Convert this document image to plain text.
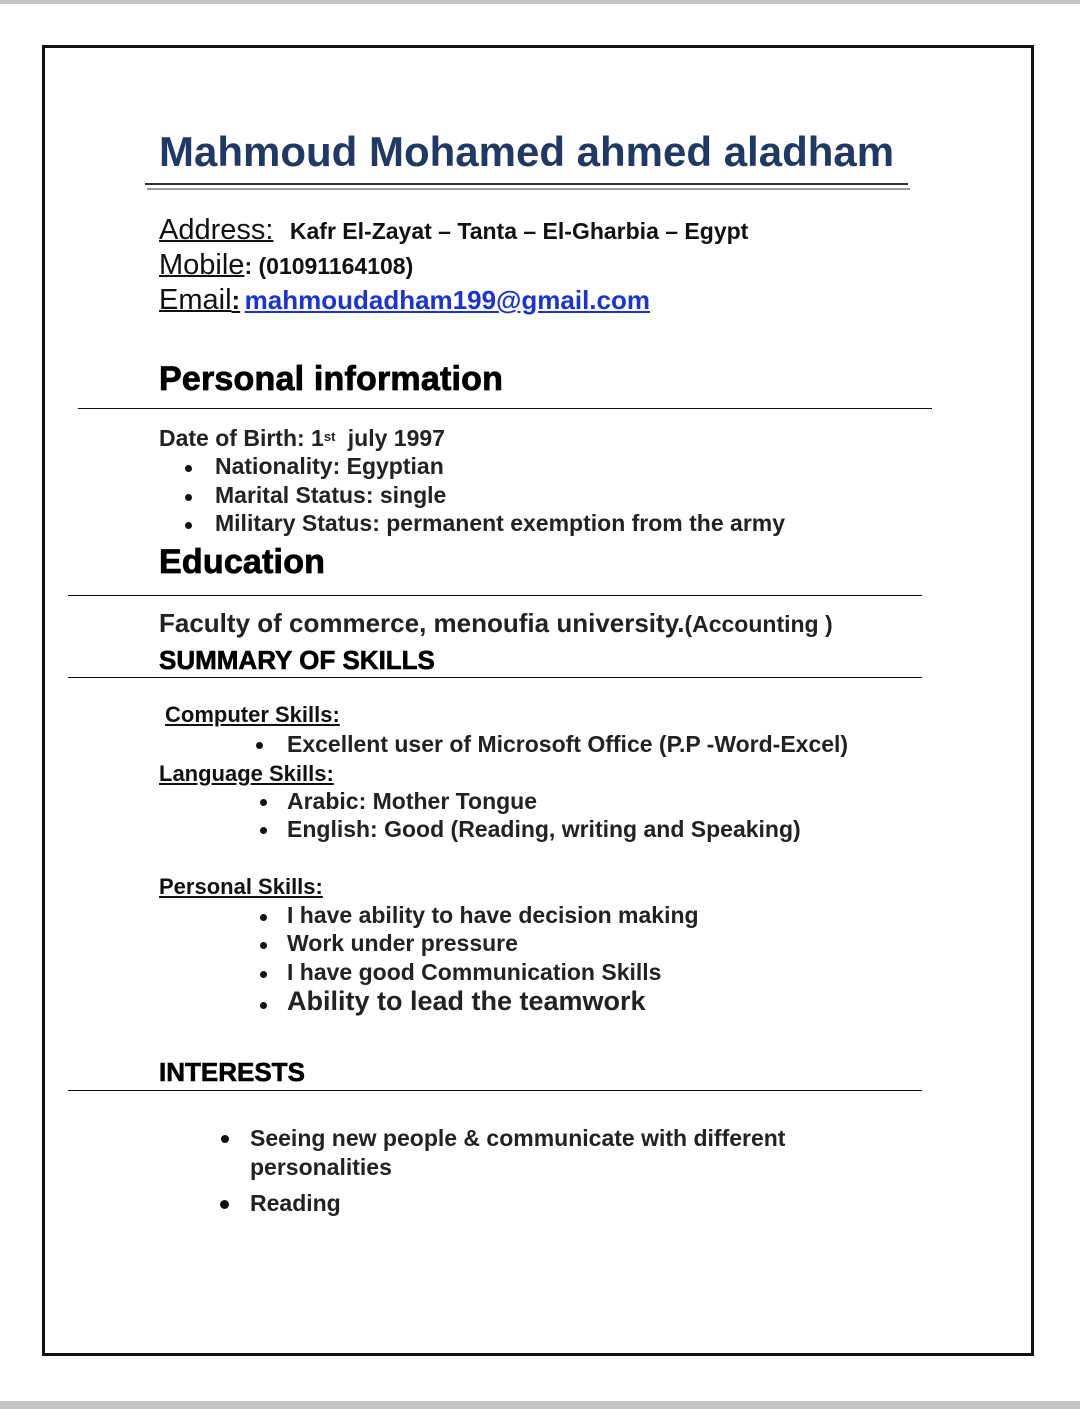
Mahmoud Mohamed ahmed aladham
Address: Kafr El-Zayat – Tanta – El-Gharbia – Egypt
Mobile: (01091164108)
Email: mahmoudadham199@gmail.com
Personal information
Date of Birth: 1st july 1997
Nationality: Egyptian
Marital Status: single
Military Status: permanent exemption from the army
Education
Faculty of commerce, menoufia university.(Accounting )
SUMMARY OF SKILLS
Computer Skills:
Excellent user of Microsoft Office (P.P -Word-Excel)
Language Skills:
Arabic: Mother Tongue
English: Good (Reading, writing and Speaking)
Personal Skills:
I have ability to have decision making
Work under pressure
I have good Communication Skills
Ability to lead the teamwork
INTERESTS
Seeing new people & communicate with different
personalities
Reading
